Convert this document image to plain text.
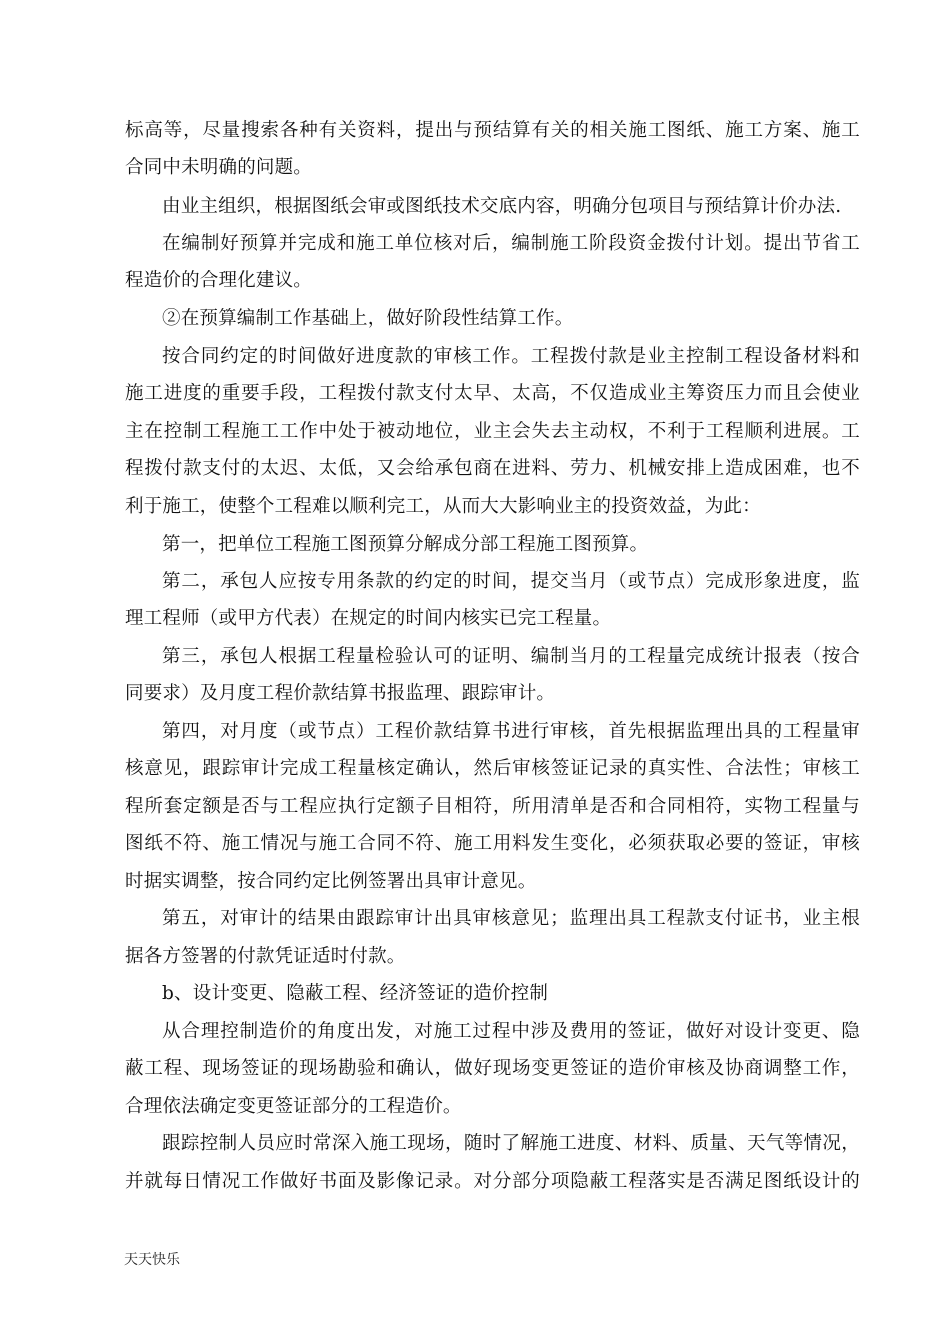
标高等，尽量搜索各种有关资料，提出与预结算有关的相关施工图纸、施工方案、施工
合同中未明确的问题。
由业主组织，根据图纸会审或图纸技术交底内容，明确分包项目与预结算计价办法.
在编制好预算并完成和施工单位核对后，编制施工阶段资金拨付计划。提出节省工
程造价的合理化建议。
②在预算编制工作基础上，做好阶段性结算工作。
按合同约定的时间做好进度款的审核工作。工程拨付款是业主控制工程设备材料和
施工进度的重要手段，工程拨付款支付太早、太高，不仅造成业主筹资压力而且会使业
主在控制工程施工工作中处于被动地位，业主会失去主动权，不利于工程顺利进展。工
程拨付款支付的太迟、太低，又会给承包商在进料、劳力、机械安排上造成困难，也不
利于施工，使整个工程难以顺利完工，从而大大影响业主的投资效益，为此：
第一，把单位工程施工图预算分解成分部工程施工图预算。
第二，承包人应按专用条款的约定的时间，提交当月（或节点）完成形象进度，监
理工程师（或甲方代表）在规定的时间内核实已完工程量。
第三，承包人根据工程量检验认可的证明、编制当月的工程量完成统计报表（按合
同要求）及月度工程价款结算书报监理、跟踪审计。
第四，对月度（或节点）工程价款结算书进行审核，首先根据监理出具的工程量审
核意见，跟踪审计完成工程量核定确认，然后审核签证记录的真实性、合法性；审核工
程所套定额是否与工程应执行定额子目相符，所用清单是否和合同相符，实物工程量与
图纸不符、施工情况与施工合同不符、施工用料发生变化，必须获取必要的签证，审核
时据实调整，按合同约定比例签署出具审计意见。
第五，对审计的结果由跟踪审计出具审核意见；监理出具工程款支付证书，业主根
据各方签署的付款凭证适时付款。
b、设计变更、隐蔽工程、经济签证的造价控制
从合理控制造价的角度出发，对施工过程中涉及费用的签证，做好对设计变更、隐
蔽工程、现场签证的现场勘验和确认，做好现场变更签证的造价审核及协商调整工作，
合理依法确定变更签证部分的工程造价。
跟踪控制人员应时常深入施工现场，随时了解施工进度、材料、质量、天气等情况，
并就每日情况工作做好书面及影像记录。对分部分项隐蔽工程落实是否满足图纸设计的
天天快乐
